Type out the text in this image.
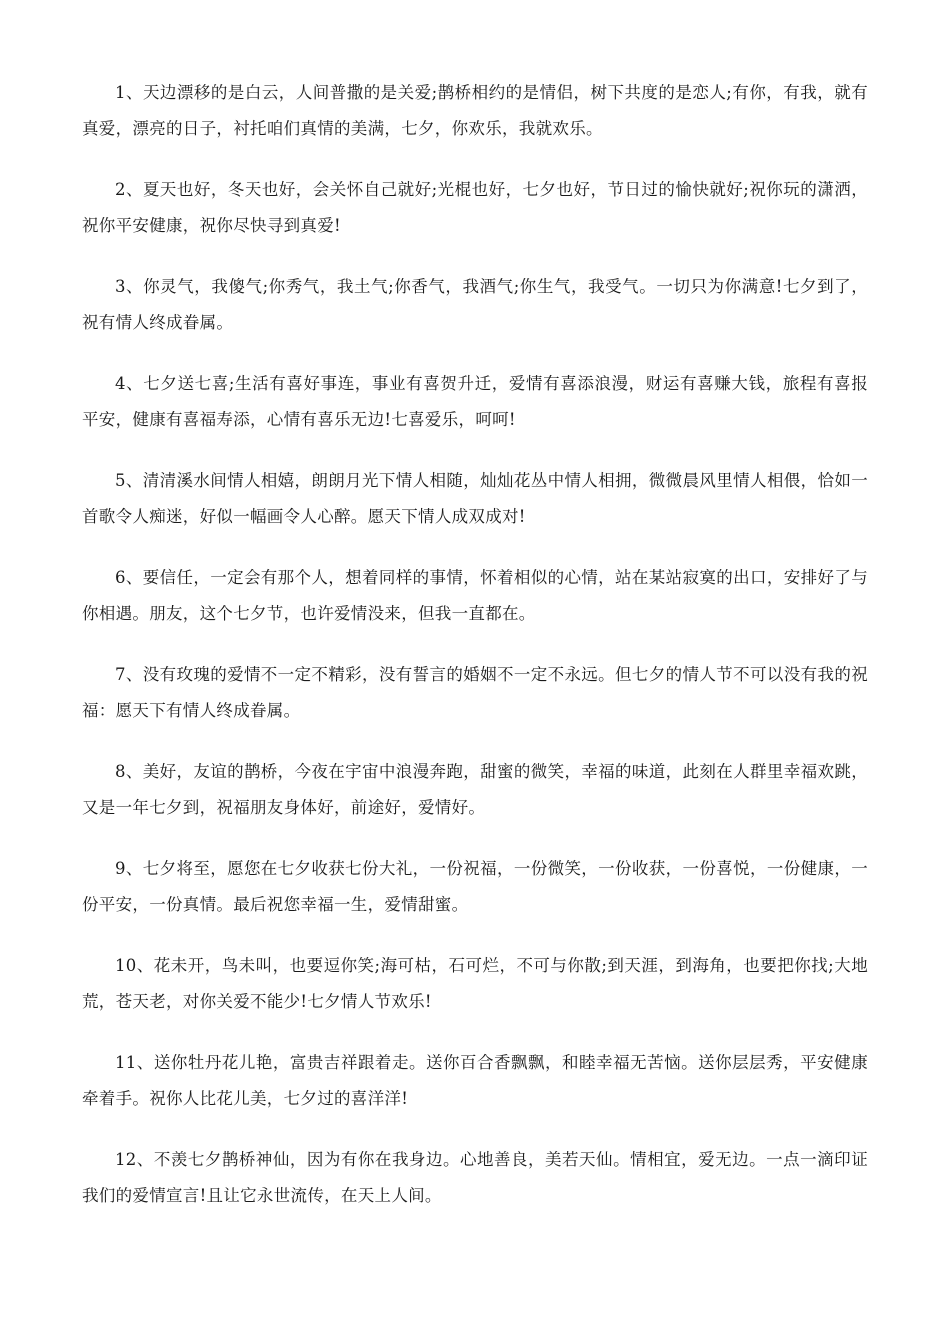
1、天边漂移的是白云，人间普撒的是关爱;鹊桥相约的是情侣，树下共度的是恋人;有你，有我，就有真爱，漂亮的日子，衬托咱们真情的美满，七夕，你欢乐，我就欢乐。

2、夏天也好，冬天也好，会关怀自己就好;光棍也好，七夕也好，节日过的愉快就好;祝你玩的潇洒，祝你平安健康，祝你尽快寻到真爱!

3、你灵气，我傻气;你秀气，我土气;你香气，我酒气;你生气，我受气。一切只为你满意!七夕到了，祝有情人终成眷属。

4、七夕送七喜;生活有喜好事连，事业有喜贺升迁，爱情有喜添浪漫，财运有喜赚大钱，旅程有喜报平安，健康有喜福寿添，心情有喜乐无边!七喜爱乐，呵呵!

5、清清溪水间情人相嬉，朗朗月光下情人相随，灿灿花丛中情人相拥，微微晨风里情人相偎，恰如一首歌令人痴迷，好似一幅画令人心醉。愿天下情人成双成对!

6、要信任，一定会有那个人，想着同样的事情，怀着相似的心情，站在某站寂寞的出口，安排好了与你相遇。朋友，这个七夕节，也许爱情没来，但我一直都在。

7、没有玫瑰的爱情不一定不精彩，没有誓言的婚姻不一定不永远。但七夕的情人节不可以没有我的祝福：愿天下有情人终成眷属。

8、美好，友谊的鹊桥，今夜在宇宙中浪漫奔跑，甜蜜的微笑，幸福的味道，此刻在人群里幸福欢跳，又是一年七夕到，祝福朋友身体好，前途好，爱情好。

9、七夕将至，愿您在七夕收获七份大礼，一份祝福，一份微笑，一份收获，一份喜悦，一份健康，一份平安，一份真情。最后祝您幸福一生，爱情甜蜜。

10、花未开，鸟未叫，也要逗你笑;海可枯，石可烂，不可与你散;到天涯，到海角，也要把你找;大地荒，苍天老，对你关爱不能少!七夕情人节欢乐!

11、送你牡丹花儿艳，富贵吉祥跟着走。送你百合香飘飘，和睦幸福无苦恼。送你层层秀，平安健康牵着手。祝你人比花儿美，七夕过的喜洋洋!

12、不羡七夕鹊桥神仙，因为有你在我身边。心地善良，美若天仙。情相宜，爱无边。一点一滴印证我们的爱情宣言!且让它永世流传，在天上人间。
